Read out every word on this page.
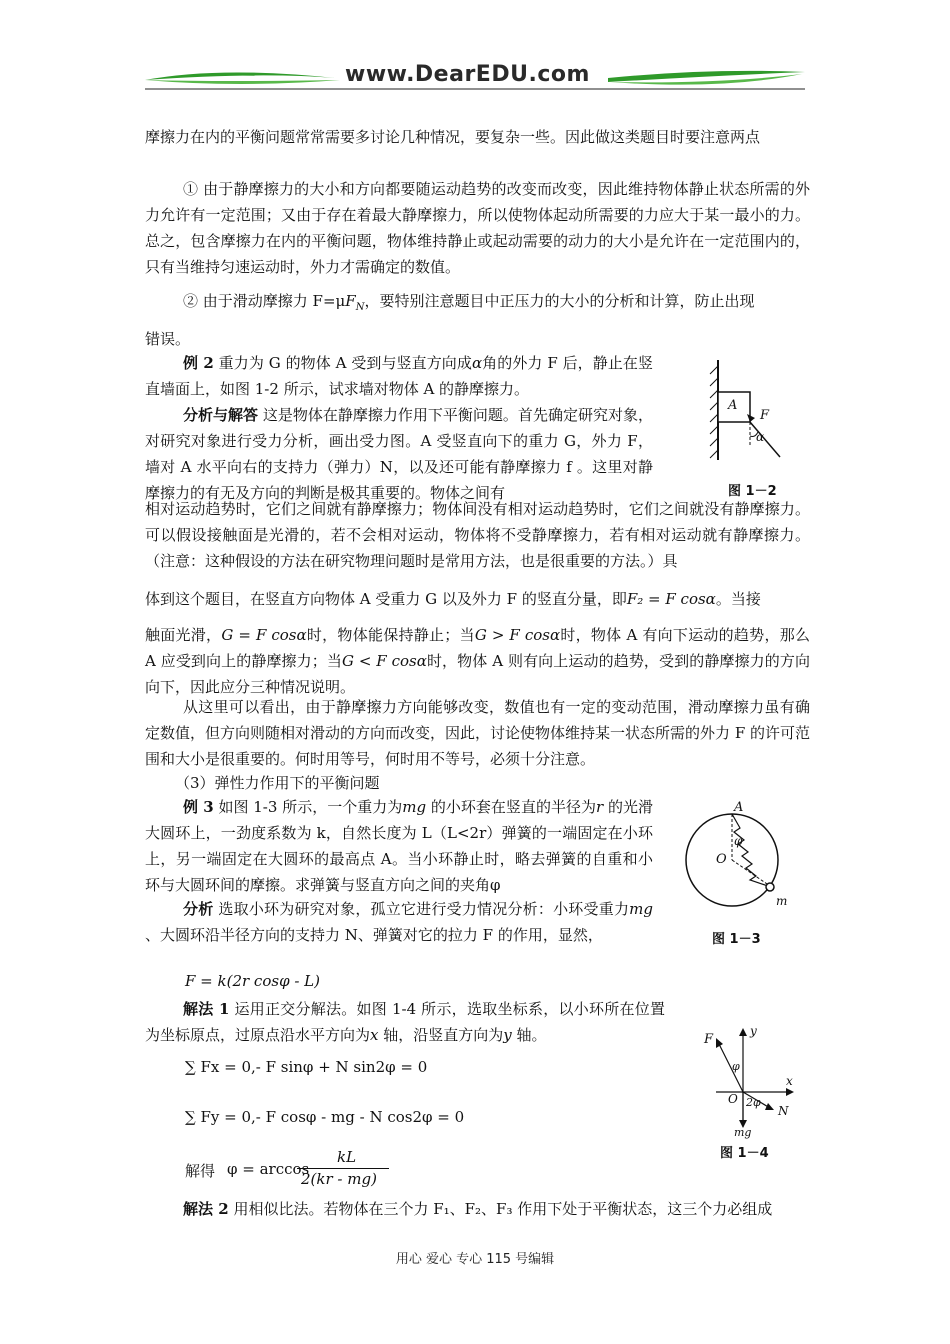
www.DearEDU.com
摩擦力在内的平衡问题常常需要多讨论几种情况，要复杂一些。因此做这类题目时要注意两点
① 由于静摩擦力的大小和方向都要随运动趋势的改变而改变，因此维持物体静止状态所需的外力允许有一定范围；又由于存在着最大静摩擦力，所以使物体起动所需要的力应大于某一最小的力。总之，包含摩擦力在内的平衡问题，物体维持静止或起动需要的动力的大小是允许在一定范围内的，只有当维持匀速运动时，外力才需确定的数值。
② 由于滑动摩擦力 $F=\mu F_N$，要特别注意题目中正压力的大小的分析和计算，防止出现
错误。
例 2 重力为 G 的物体 A 受到与竖直方向成α角的外力 F 后，静止在竖直墙面上，如图 1-2 所示，试求墙对物体 A 的静摩擦力。
分析与解答 这是物体在静摩擦力作用下平衡问题。首先确定研究对象，对研究对象进行受力分析，画出受力图。A 受竖直向下的重力 G，外力 F，墙对 A 水平向右的支持力（弹力）N，以及还可能有静摩擦力 f 。这里对静摩擦力的有无及方向的判断是极其重要的。物体之间有
相对运动趋势时，它们之间就有静摩擦力；物体间没有相对运动趋势时，它们之间就没有静摩擦力。可以假设接触面是光滑的，若不会相对运动，物体将不受静摩擦力，若有相对运动就有静摩擦力。（注意：这种假设的方法在研究物理问题时是常用方法，也是很重要的方法。）具
体到这个题目，在竖直方向物体 A 受重力 G 以及外力 F 的竖直分量，即F₂ = F cosα。当接
触面光滑，G = F cosα时，物体能保持静止；当G > F cosα时，物体 A 有向下运动的趋势，那么 A 应受到向上的静摩擦力；当G < F cosα时，物体 A 则有向上运动的趋势，受到的静摩擦力的方向向下，因此应分三种情况说明。
从这里可以看出，由于静摩擦力方向能够改变，数值也有一定的变动范围，滑动摩擦力虽有确定数值，但方向则随相对滑动的方向而改变，因此，讨论使物体维持某一状态所需的外力 F 的许可范围和大小是很重要的。何时用等号，何时用不等号，必须十分注意。
（3）弹性力作用下的平衡问题
例 3 如图 1-3 所示，一个重力为mg 的小环套在竖直的半径为r 的光滑大圆环上，一劲度系数为 k，自然长度为 L（L<2r）弹簧的一端固定在小环上，另一端固定在大圆环的最高点 A。当小环静止时，略去弹簧的自重和小环与大圆环间的摩擦。求弹簧与竖直方向之间的夹角φ
分析 选取小环为研究对象，孤立它进行受力情况分析：小环受重力mg 、大圆环沿半径方向的支持力 N、弹簧对它的拉力 F 的作用，显然，
F = k(2r cosφ - L)
解法 1 运用正交分解法。如图 1-4 所示，选取坐标系，以小环所在位置为坐标原点，过原点沿水平方向为x 轴，沿竖直方向为y 轴。
∑ Fx = 0,- F sinφ + N sin2φ = 0
∑ Fy = 0,- F cosφ - mg - N cos2φ = 0
解得 φ = arccos
kL
2(kr - mg)
解法 2 用相似比法。若物体在三个力 F₁、F₂、F₃ 作用下处于平衡状态，这三个力必组成
A
F
α
图 1－2
A
O
φ
m
图 1－3
F
y
φ
x
O 2φ
N
mg
图 1－4
用心 爱心 专心 115 号编辑
